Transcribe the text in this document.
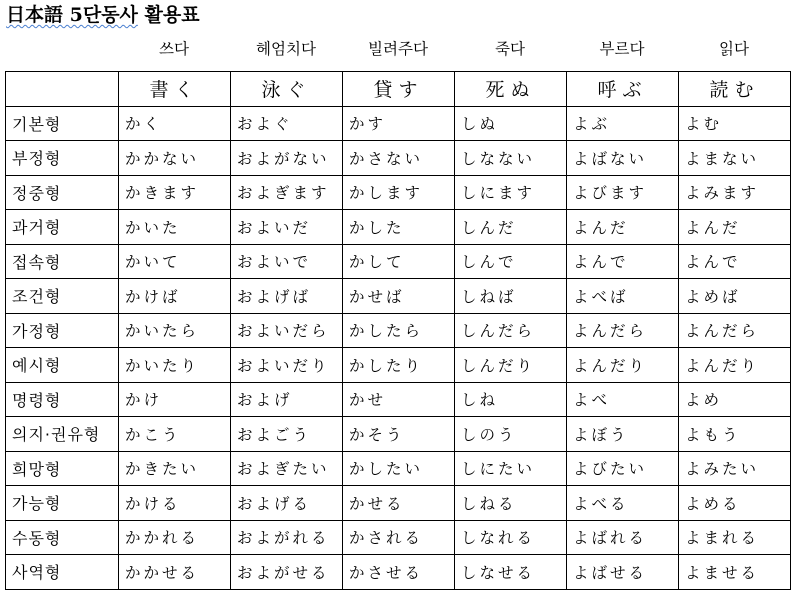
日本語 5단동사 활용표
쓰다	헤엄치다	빌려주다	죽다	부르다	읽다
	書く	泳ぐ	貸す	死ぬ	呼ぶ	読む
기본형	かく	およぐ	かす	しぬ	よぶ	よむ
부정형	かかない	およがない	かさない	しなない	よばない	よまない
정중형	かきます	およぎます	かします	しにます	よびます	よみます
과거형	かいた	およいだ	かした	しんだ	よんだ	よんだ
접속형	かいて	およいで	かして	しんで	よんで	よんで
조건형	かけば	およげば	かせば	しねば	よべば	よめば
가정형	かいたら	およいだら	かしたら	しんだら	よんだら	よんだら
예시형	かいたり	およいだり	かしたり	しんだり	よんだり	よんだり
명령형	かけ	およげ	かせ	しね	よべ	よめ
의지·권유형	かこう	およごう	かそう	しのう	よぼう	よもう
희망형	かきたい	およぎたい	かしたい	しにたい	よびたい	よみたい
가능형	かける	およげる	かせる	しねる	よべる	よめる
수동형	かかれる	およがれる	かされる	しなれる	よばれる	よまれる
사역형	かかせる	およがせる	かさせる	しなせる	よばせる	よませる
